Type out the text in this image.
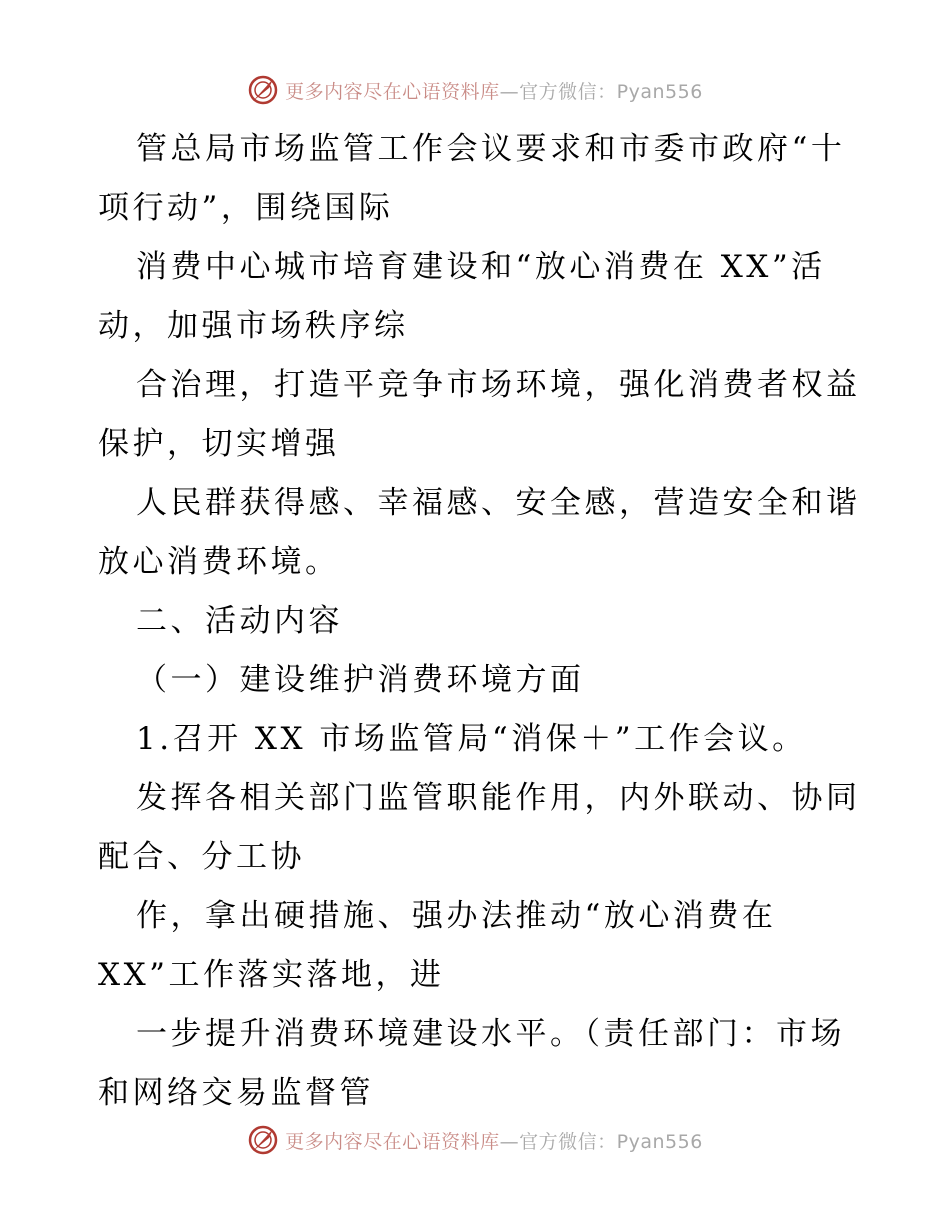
更多内容尽在心语资料库—官方微信：Pyan556

管总局市场监管工作会议要求和市委市政府“十
项行动”，围绕国际

消费中心城市培育建设和“放心消费在 XX”活
动，加强市场秩序综

合治理，打造平竞争市场环境，强化消费者权益
保护，切实增强

人民群获得感、幸福感、安全感，营造安全和谐
放心消费环境。

二、活动内容

（一）建设维护消费环境方面

1.召开 XX 市场监管局“消保＋”工作会议。

发挥各相关部门监管职能作用，内外联动、协同
配合、分工协

作，拿出硬措施、强办法推动“放心消费在
XX”工作落实落地，进

一步提升消费环境建设水平。（责任部门：市场
和网络交易监督管

更多内容尽在心语资料库—官方微信：Pyan556
